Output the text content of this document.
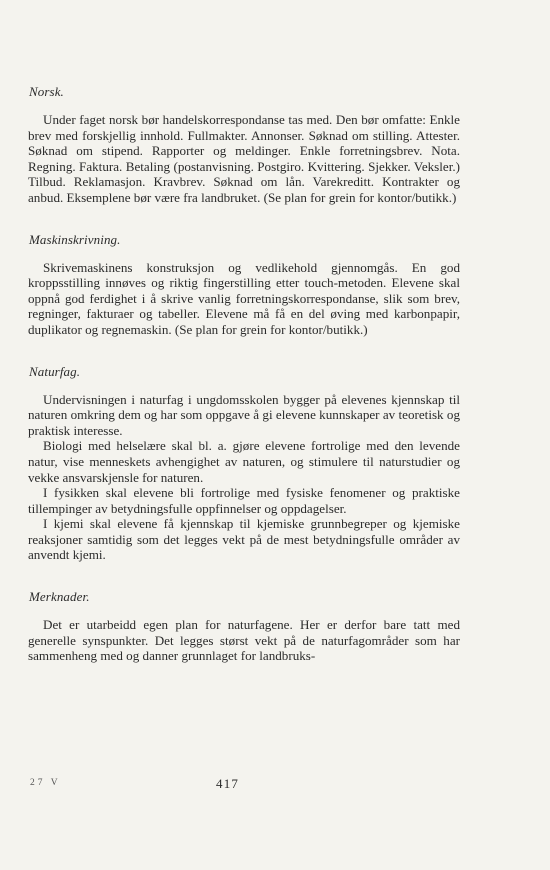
Norsk.

Under faget norsk bør handelskorrespondanse tas med. Den bør omfatte: Enkle brev med forskjellig innhold. Fullmakter. Annonser. Søknad om stilling. Attester. Søknad om stipend. Rapporter og meldinger. Enkle forretningsbrev. Nota. Regning. Faktura. Betaling (postanvisning. Postgiro. Kvittering. Sjekker. Veksler.) Tilbud. Reklamasjon. Kravbrev. Søknad om lån. Varekreditt. Kontrakter og anbud. Eksemplene bør være fra landbruket. (Se plan for grein for kontor/butikk.)

Maskinskrivning.

Skrivemaskinens konstruksjon og vedlikehold gjennomgås. En god kroppsstilling innøves og riktig fingerstilling etter touch-metoden. Elevene skal oppnå god ferdighet i å skrive vanlig forretningskorrespondanse, slik som brev, regninger, fakturaer og tabeller. Elevene må få en del øving med karbonpapir, duplikator og regnemaskin. (Se plan for grein for kontor/butikk.)

Naturfag.

Undervisningen i naturfag i ungdomsskolen bygger på elevenes kjennskap til naturen omkring dem og har som oppgave å gi elevene kunnskaper av teoretisk og praktisk interesse.

Biologi med helselære skal bl. a. gjøre elevene fortrolige med den levende natur, vise menneskets avhengighet av naturen, og stimulere til naturstudier og vekke ansvarskjensle for naturen.

I fysikken skal elevene bli fortrolige med fysiske fenomener og praktiske tillempinger av betydningsfulle oppfinnelser og oppdagelser.

I kjemi skal elevene få kjennskap til kjemiske grunnbegreper og kjemiske reaksjoner samtidig som det legges vekt på de mest betydningsfulle områder av anvendt kjemi.

Merknader.

Det er utarbeidd egen plan for naturfagene. Her er derfor bare tatt med generelle synspunkter. Det legges størst vekt på de naturfagområder som har sammenheng med og danner grunnlaget for landbruks-

27 V	417
